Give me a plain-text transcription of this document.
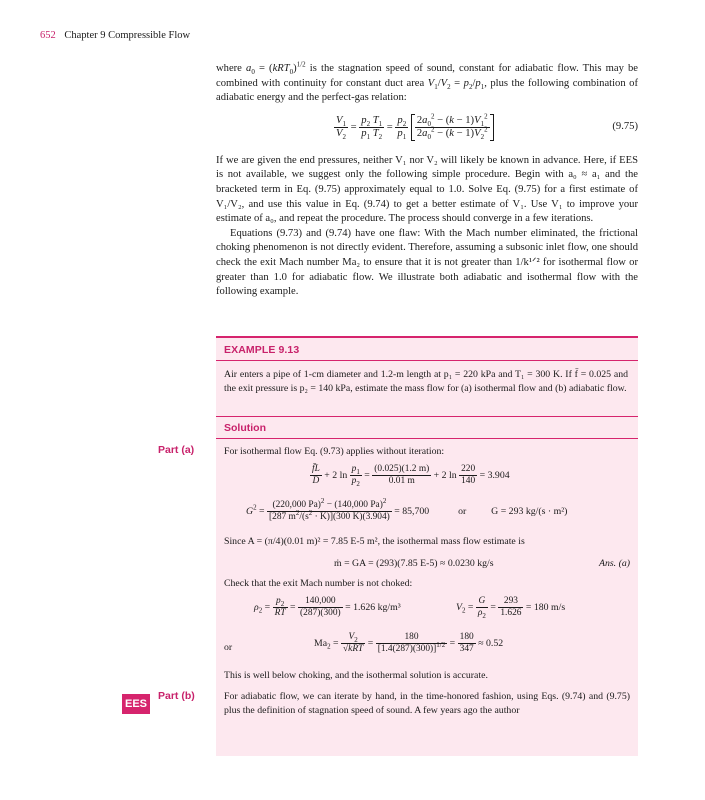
652 Chapter 9 Compressible Flow

where $a_0 = (kRT_0)^{1/2}$ is the stagnation speed of sound, constant for adiabatic flow. This may be combined with continuity for constant duct area $V_1/V_2 = p_2/p_1$, plus the following combination of adiabatic energy and the perfect-gas relation:

$\frac{V_1}{V_2} = \frac{p_2 T_1}{p_1 T_2} = \frac{p_2}{p_1}$
$\frac{2a_0^2 - (k - 1)V_1^2}{2a_0^2 - (k - 1)V_2^2}$	(9.75)

If we are given the end pressures, neither V₁ nor V₂ will likely be known in advance. Here, if EES is not available, we suggest only the following simple procedure. Begin with a₀ ≈ a₁ and the bracketed term in Eq. (9.75) approximately equal to 1.0. Solve Eq. (9.75) for a first estimate of V₁/V₂, and use this value in Eq. (9.74) to get a better estimate of V₁. Use V₁ to improve your estimate of a₀, and repeat the procedure. The process should converge in a few iterations.

Equations (9.73) and (9.74) have one flaw: With the Mach number eliminated, the frictional choking phenomenon is not directly evident. Therefore, assuming a subsonic inlet flow, one should check the exit Mach number Ma₂ to ensure that it is not greater than 1/k¹ᐟ² for isothermal flow or greater than 1.0 for adiabatic flow. We illustrate both adiabatic and isothermal flow with the following example.

EXAMPLE 9.13
Air enters a pipe of 1-cm diameter and 1.2-m length at p₁ = 220 kPa and T₁ = 300 K. If f̄ = 0.025 and the exit pressure is p₂ = 140 kPa, estimate the mass flow for (a) isothermal flow and (b) adiabatic flow.
Solution
For isothermal flow Eq. (9.73) applies without iteration:
$\frac{f̄L}{D} + 2$ $\ln \frac{p_1}{p_2} = \frac{(0.025)(1.2 m)}{0.01 m} + 2$ $\ln \frac{220}{140} = 3.904$
$G^2 = \frac{(220,000 Pa)^2 - (140,000 Pa)^2}{[287 m^2/(s^2 \cdot K)](300 K)(3.904)} = 85,700$	or	G = 293 kg/(s · m²)
Since A = (π/4)(0.01 m)² = 7.85 E-5 m², the isothermal mass flow estimate is
ṁ = GA = (293)(7.85 E-5) ≈ 0.0230 kg/s	Ans. (a)
Check that the exit Mach number is not choked:
$\rho_2 = \frac{p_2}{RT} = \frac{140,000}{(287)(300)} = 1.626$ kg/m³	$V_2 = \frac{G}{\rho_2} = \frac{293}{1.626} = 180$ m/s
or	$Ma_2 = \frac{V_2}{\text{√kRT}} = \frac{180}{[1.4(287)(300)]^{1/2}} = \frac{180}{347} \approx 0.52$
This is well below choking, and the isothermal solution is accurate.
For adiabatic flow, we can iterate by hand, in the time-honored fashion, using Eqs. (9.74) and (9.75) plus the definition of stagnation speed of sound. A few years ago the author
Part (a)
Part (b)
EES
